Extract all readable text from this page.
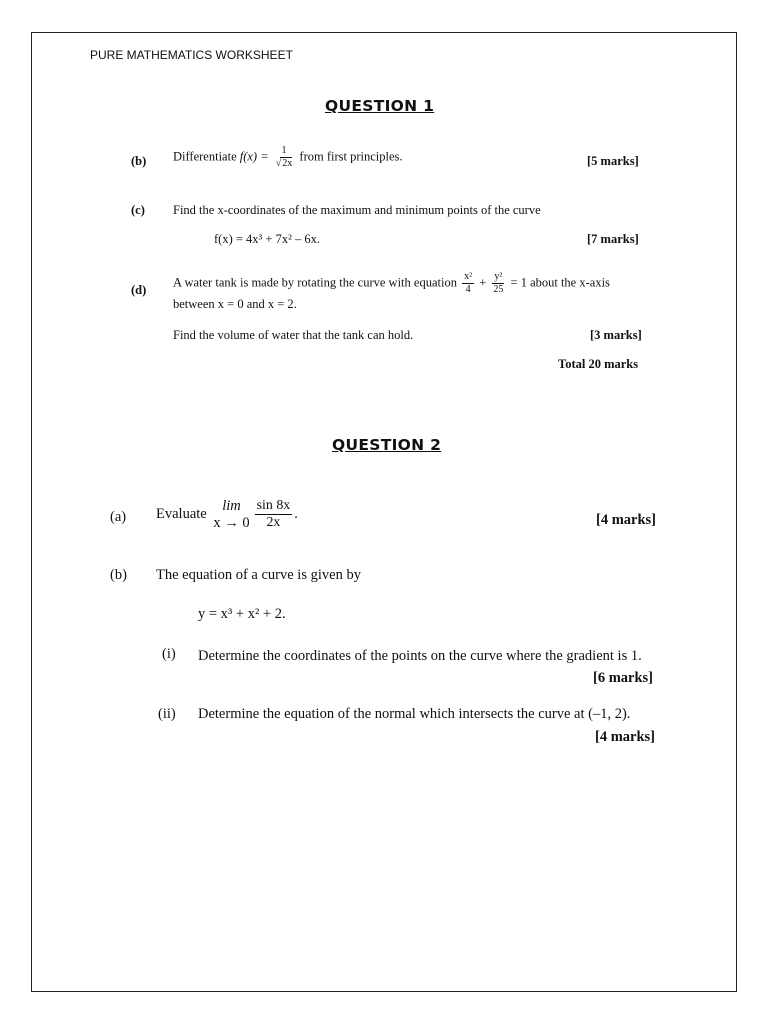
PURE MATHEMATICS WORKSHEET
QUESTION 1
(b) Differentiate $f(x) = \frac{1}{√2x}$ from first principles.	[5 marks]
(c) Find the x-coordinates of the maximum and minimum points of the curve
f(x) = 4x³ + 7x² – 6x.	[7 marks]
(d)
A water tank is made by rotating the curve with equation $\frac{\text{x²}}{4} + \frac{\text{y²}}{25} = 1$ about the x-axis
between x = 0 and x = 2.
Find the volume of water that the tank can hold.	[3 marks]
Total 20 marks
QUESTION 2
(a) Evaluate lim
$x \to 0 \frac{\sin 8x}{2x}$ .	[4 marks]
(b) The equation of a curve is given by
y = x³ + x² + 2.
(i) Determine the coordinates of the points on the curve where the gradient is 1.
[6 marks]
(ii) Determine the equation of the normal which intersects the curve at (–1, 2).
[4 marks]
